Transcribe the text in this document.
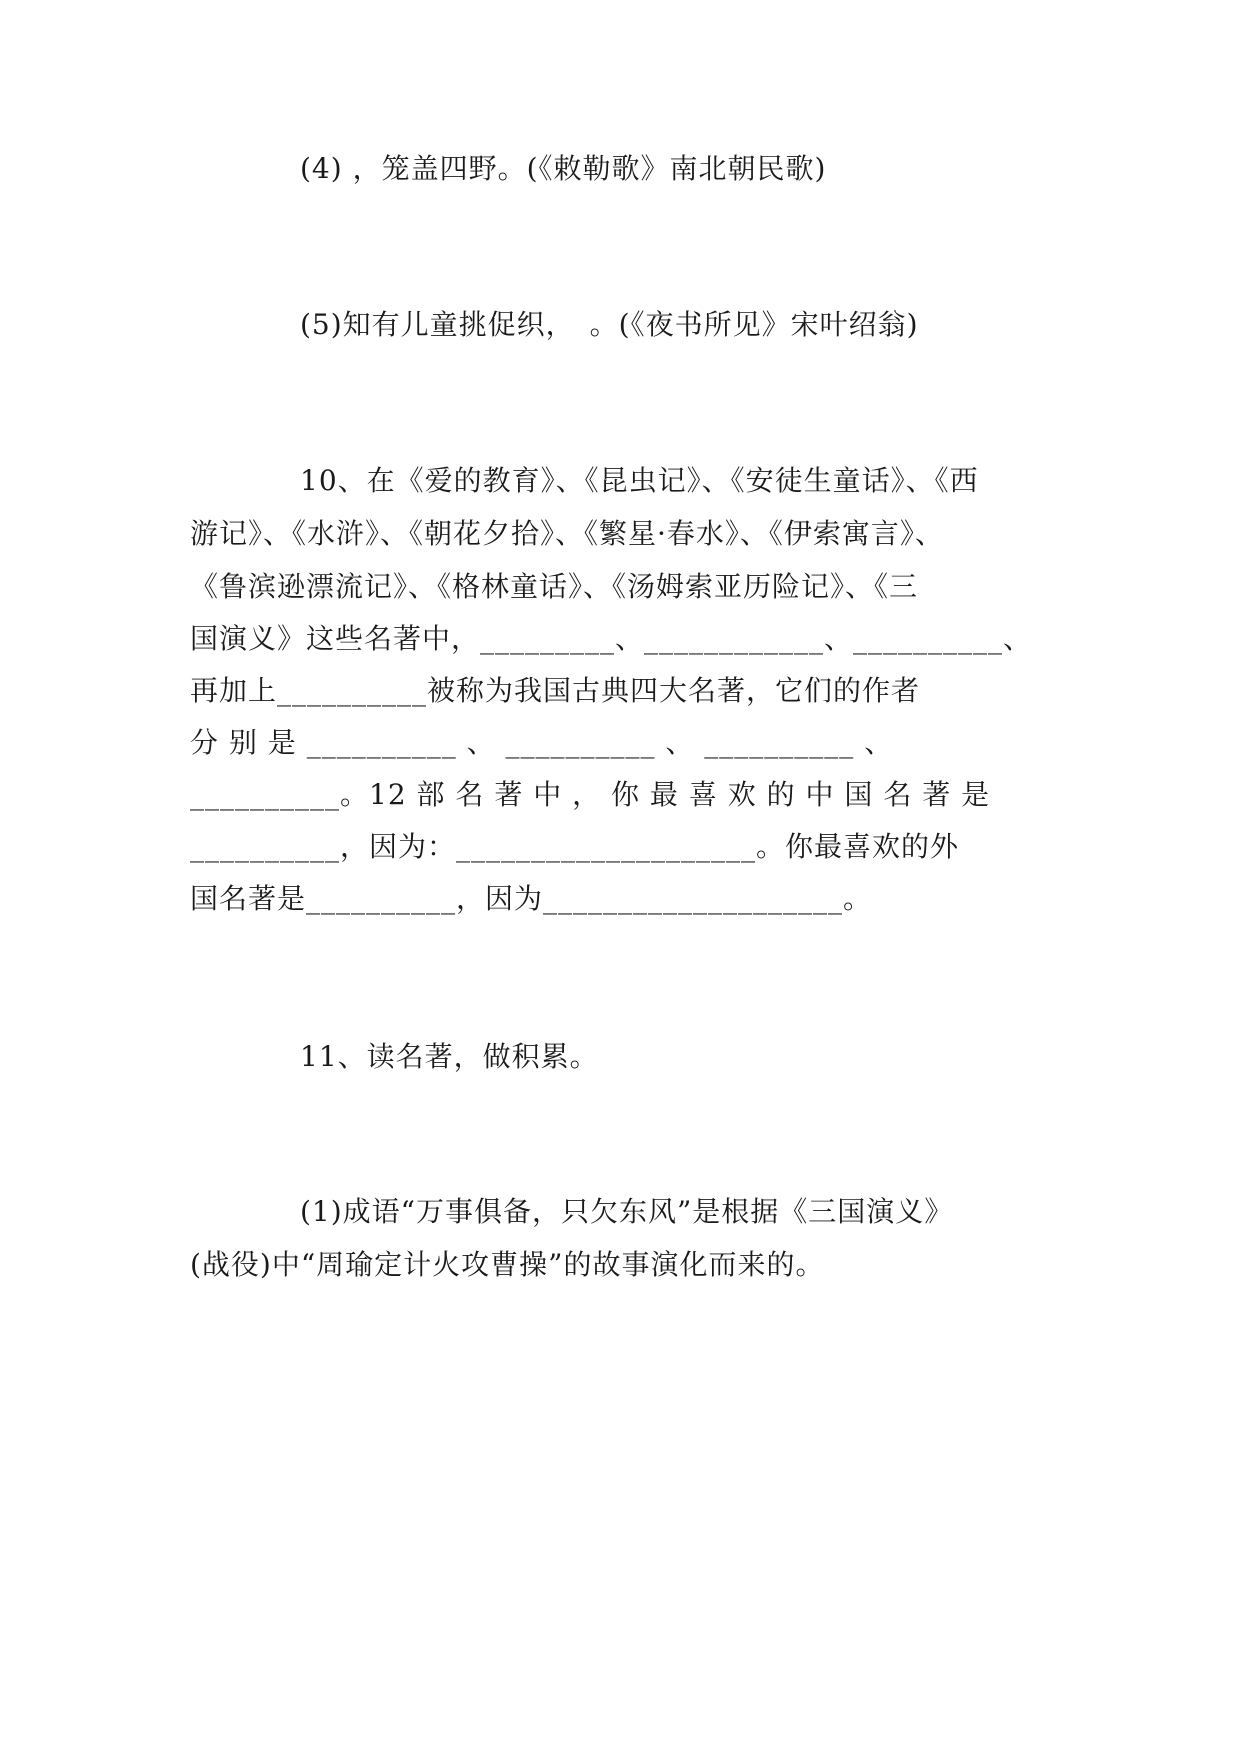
(4) ，笼盖四野。(《敕勒歌》南北朝民歌)
(5)知有儿童挑促织，　。(《夜书所见》宋叶绍翁)
10、在《爱的教育》、《昆虫记》、《安徒生童话》、《西
游记》、《水浒》、《朝花夕拾》、《繁星·春水》、《伊索寓言》、
《鲁滨逊漂流记》、《格林童话》、《汤姆索亚历险记》、《三
国演义》这些名著中，_________、____________、__________、
再加上__________被称为我国古典四大名著，它们的作者
分 别 是 __________ 、 __________ 、 __________ 、
__________。12 部 名 著 中 ， 你 最 喜 欢 的 中 国 名 著 是
__________，因为：____________________。你最喜欢的外
国名著是__________，因为____________________。
11、读名著，做积累。
(1)成语“万事俱备，只欠东风”是根据《三国演义》
(战役)中“周瑜定计火攻曹操”的故事演化而来的。
